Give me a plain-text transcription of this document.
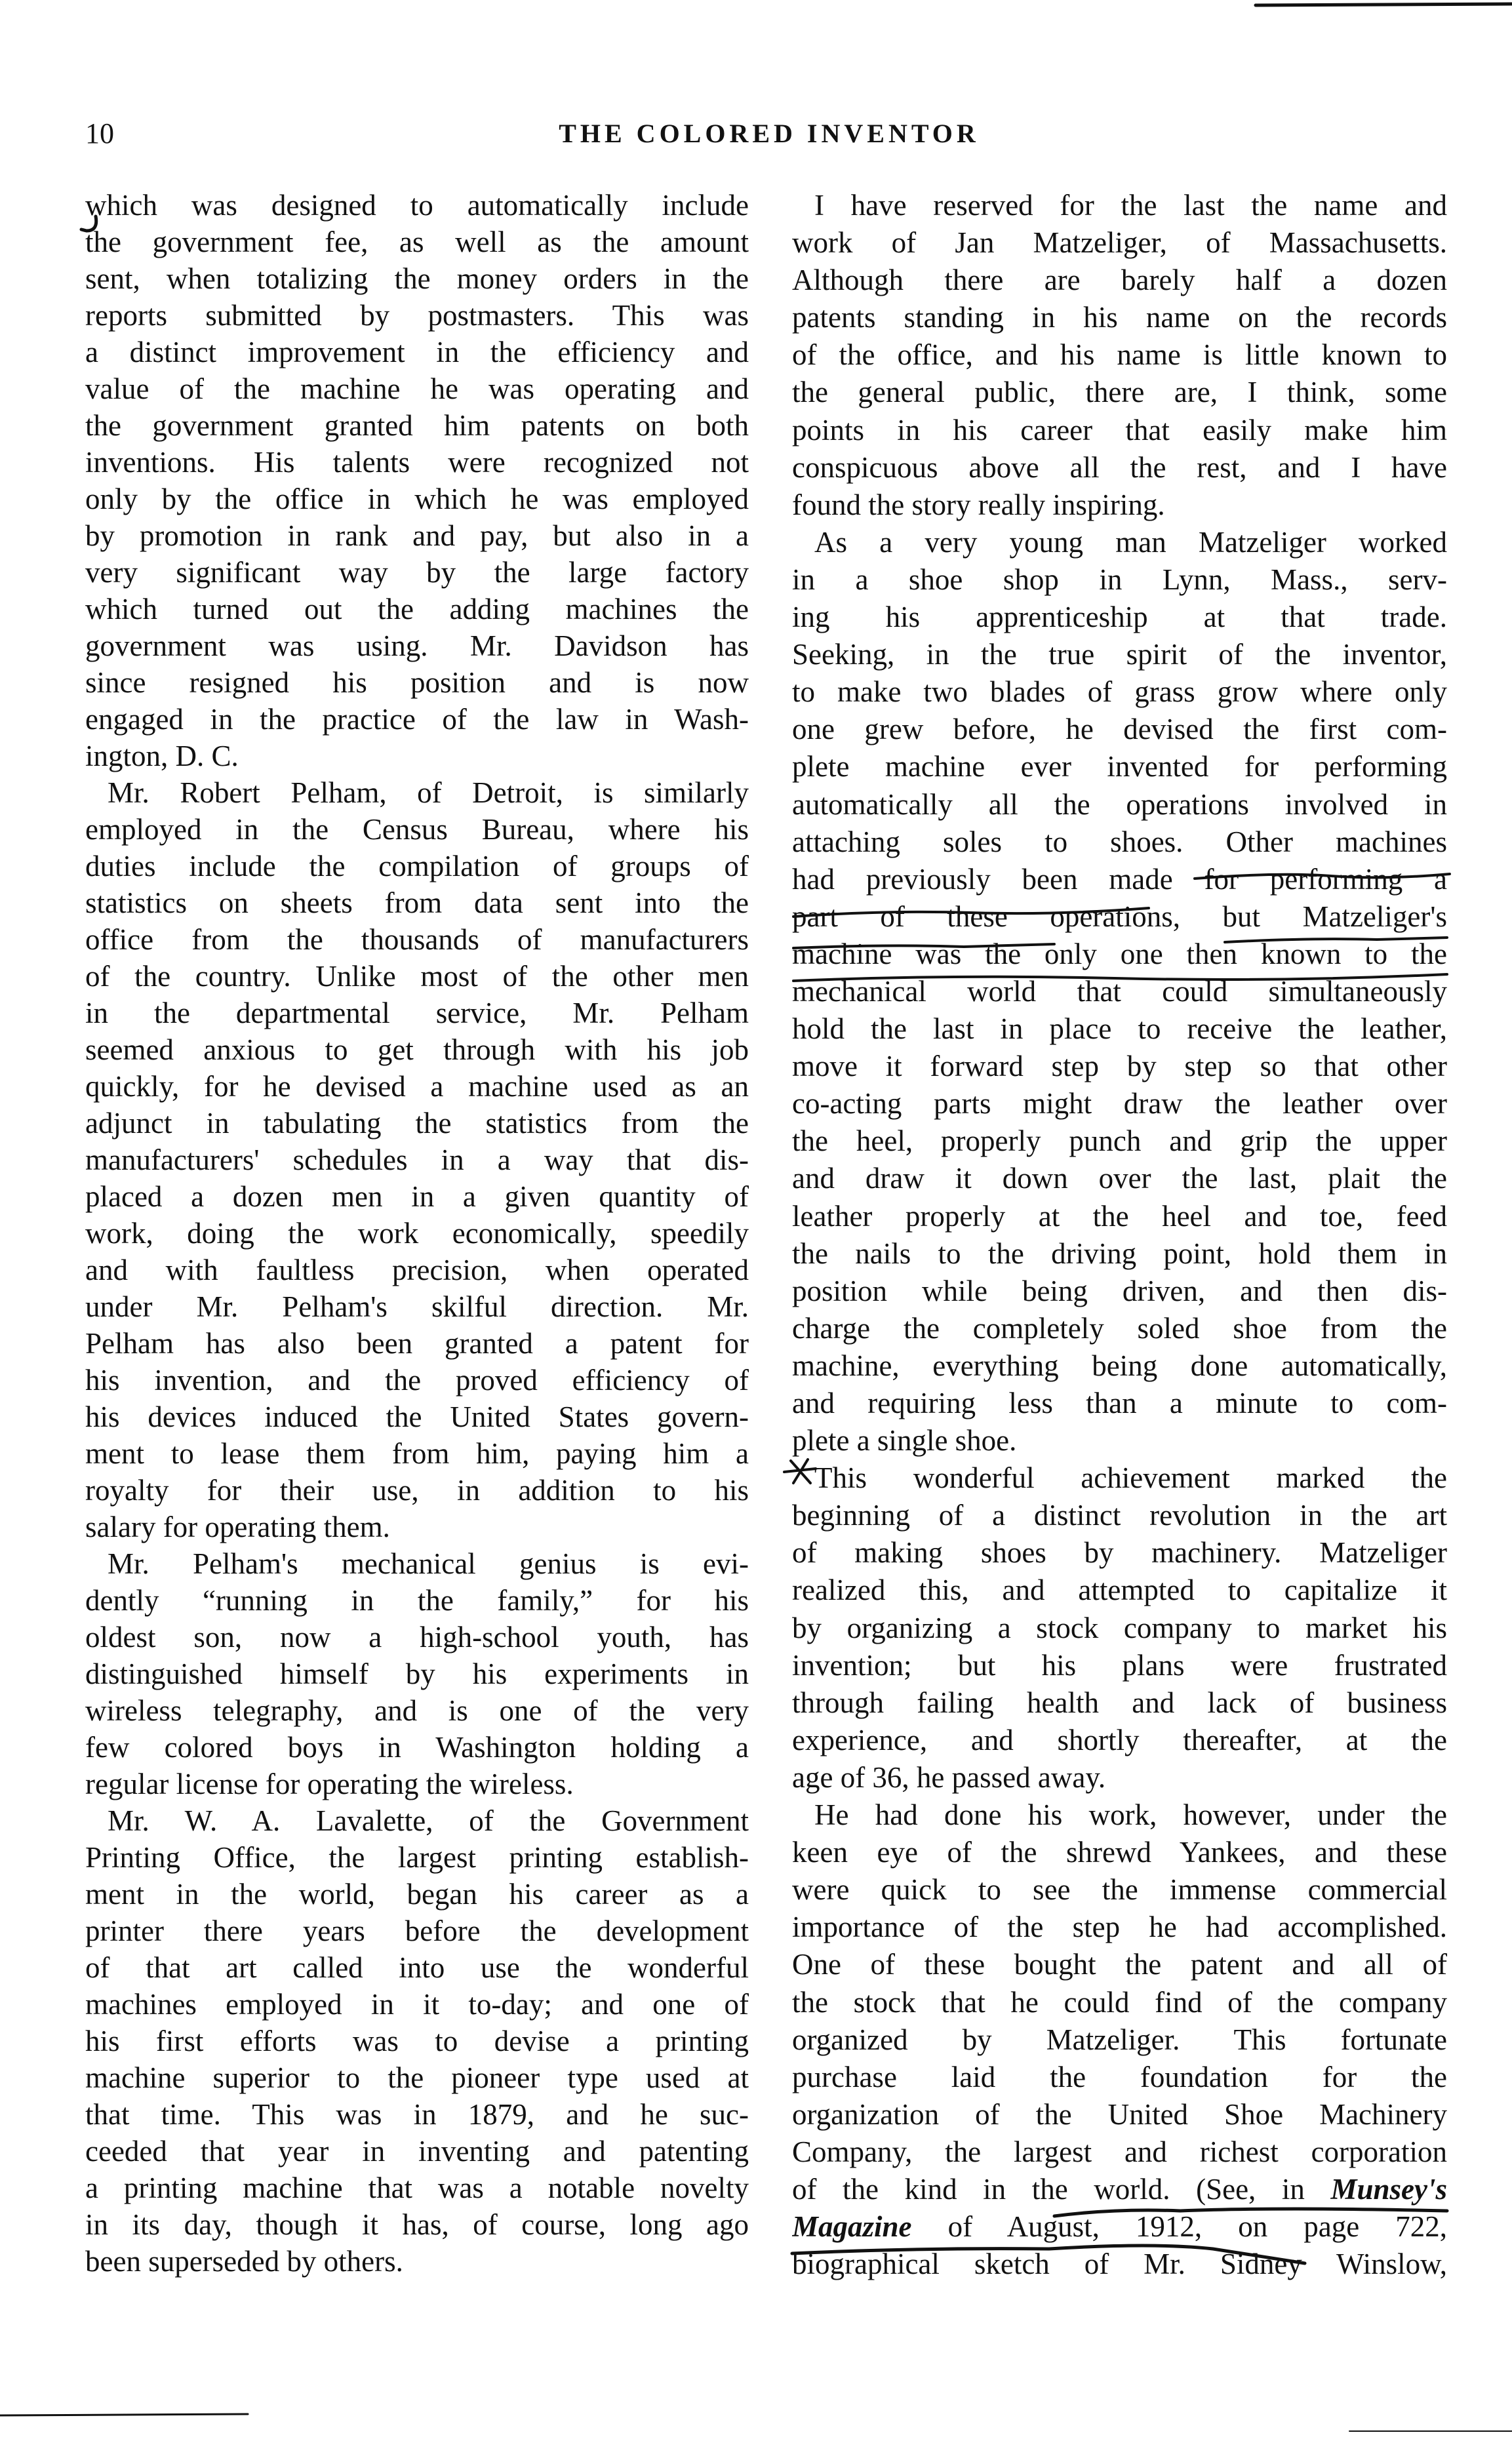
10	THE COLORED INVENTOR
which was designed to automatically include
the government fee, as well as the amount
sent, when totalizing the money orders in the
reports submitted by postmasters. This was
a distinct improvement in the efficiency and
value of the machine he was operating and
the government granted him patents on both
inventions. His talents were recognized not
only by the office in which he was employed
by promotion in rank and pay, but also in a
very significant way by the large factory
which turned out the adding machines the
government was using. Mr. Davidson has
since resigned his position and is now
engaged in the practice of the law in Wash-
ington, D. C.
Mr. Robert Pelham, of Detroit, is similarly
employed in the Census Bureau, where his
duties include the compilation of groups of
statistics on sheets from data sent into the
office from the thousands of manufacturers
of the country. Unlike most of the other men
in the departmental service, Mr. Pelham
seemed anxious to get through with his job
quickly, for he devised a machine used as an
adjunct in tabulating the statistics from the
manufacturers' schedules in a way that dis-
placed a dozen men in a given quantity of
work, doing the work economically, speedily
and with faultless precision, when operated
under Mr. Pelham's skilful direction. Mr.
Pelham has also been granted a patent for
his invention, and the proved efficiency of
his devices induced the United States govern-
ment to lease them from him, paying him a
royalty for their use, in addition to his
salary for operating them.
Mr. Pelham's mechanical genius is evi-
dently “running in the family,” for his
oldest son, now a high-school youth, has
distinguished himself by his experiments in
wireless telegraphy, and is one of the very
few colored boys in Washington holding a
regular license for operating the wireless.
Mr. W. A. Lavalette, of the Government
Printing Office, the largest printing establish-
ment in the world, began his career as a
printer there years before the development
of that art called into use the wonderful
machines employed in it to-day; and one of
his first efforts was to devise a printing
machine superior to the pioneer type used at
that time. This was in 1879, and he suc-
ceeded that year in inventing and patenting
a printing machine that was a notable novelty
in its day, though it has, of course, long ago
been superseded by others.
I have reserved for the last the name and
work of Jan Matzeliger, of Massachusetts.
Although there are barely half a dozen
patents standing in his name on the records
of the office, and his name is little known to
the general public, there are, I think, some
points in his career that easily make him
conspicuous above all the rest, and I have
found the story really inspiring.
As a very young man Matzeliger worked
in a shoe shop in Lynn, Mass., serv-
ing his apprenticeship at that trade.
Seeking, in the true spirit of the inventor,
to make two blades of grass grow where only
one grew before, he devised the first com-
plete machine ever invented for performing
automatically all the operations involved in
attaching soles to shoes. Other machines
had previously been made for performing a
part of these operations, but Matzeliger's
machine was the only one then known to the
mechanical world that could simultaneously
hold the last in place to receive the leather,
move it forward step by step so that other
co-acting parts might draw the leather over
the heel, properly punch and grip the upper
and draw it down over the last, plait the
leather properly at the heel and toe, feed
the nails to the driving point, hold them in
position while being driven, and then dis-
charge the completely soled shoe from the
machine, everything being done automatically,
and requiring less than a minute to com-
plete a single shoe.
This wonderful achievement marked the
beginning of a distinct revolution in the art
of making shoes by machinery. Matzeliger
realized this, and attempted to capitalize it
by organizing a stock company to market his
invention; but his plans were frustrated
through failing health and lack of business
experience, and shortly thereafter, at the
age of 36, he passed away.
He had done his work, however, under the
keen eye of the shrewd Yankees, and these
were quick to see the immense commercial
importance of the step he had accomplished.
One of these bought the patent and all of
the stock that he could find of the company
organized by Matzeliger. This fortunate
purchase laid the foundation for the
organization of the United Shoe Machinery
Company, the largest and richest corporation
of the kind in the world. (See, in Munsey's
Magazine of August, 1912, on page 722,
biographical sketch of Mr. Sidney Winslow,
